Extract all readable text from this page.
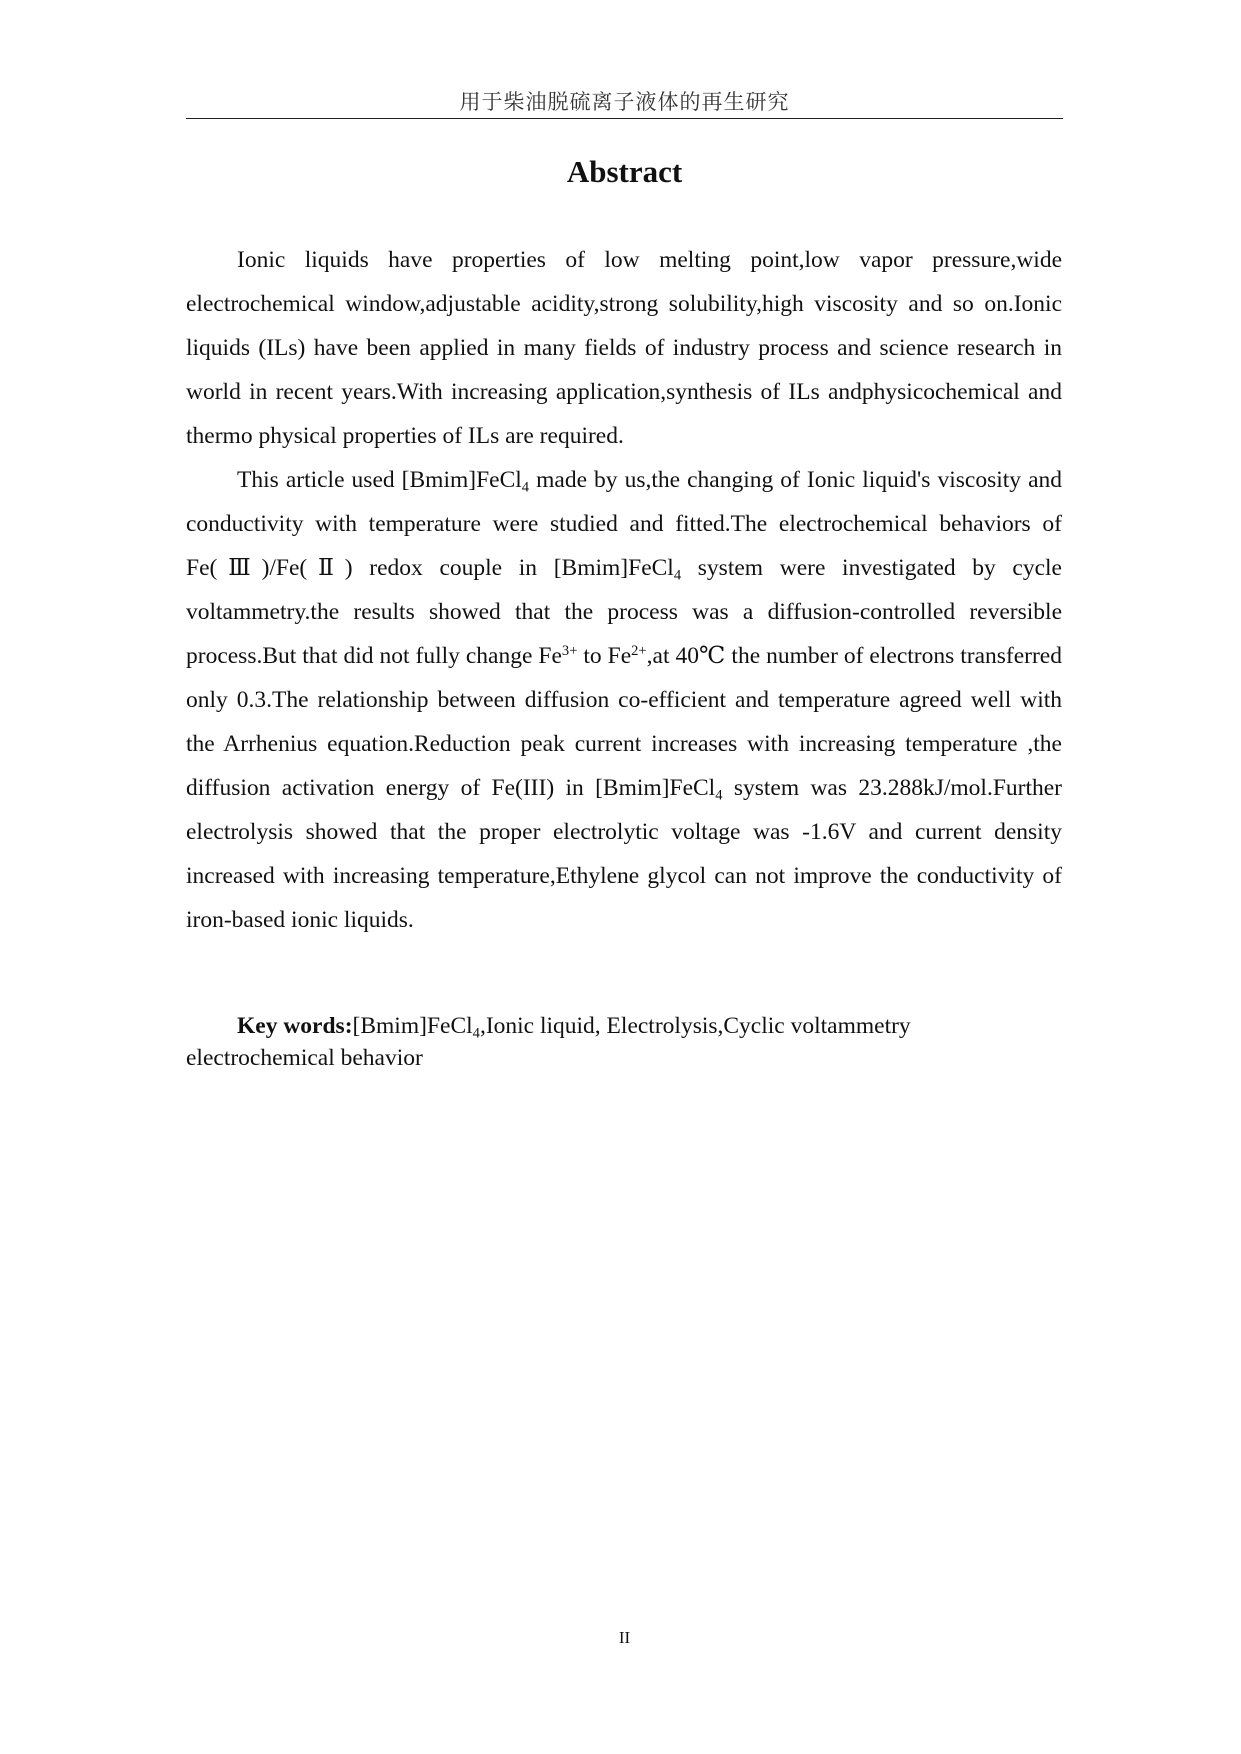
用于柴油脱硫离子液体的再生研究
Abstract

Ionic liquids have properties of low melting point,low vapor pressure,wide electrochemical window,adjustable acidity,strong solubility,high viscosity and so on.Ionic liquids (ILs) have been applied in many fields of industry process and science research in world in recent years.With increasing application,synthesis of ILs andphysicochemical and thermo physical properties of ILs are required.

This article used [Bmim]FeCl$_4$ made by us,the changing of Ionic liquid's viscosity and conductivity with temperature were studied and fitted.The electrochemical behaviors of Fe(Ⅲ)/Fe(Ⅱ) redox couple in [Bmim]FeCl$_4$ system were investigated by cycle voltammetry.the results showed that the process was a diffusion-controlled reversible process.But that did not fully change $Fe^{3+}$ to $Fe^{2+},at$ 40℃ the number of electrons transferred only 0.3.The relationship between diffusion co-efficient and temperature agreed well with the Arrhenius equation.Reduction peak current increases with increasing temperature ,the diffusion activation energy of Fe(III) in [Bmim]FeCl$_4$ system was 23.288kJ/mol.Further electrolysis showed that the proper electrolytic voltage was -1.6V and current density increased with increasing temperature,Ethylene glycol can not improve the conductivity of iron-based ionic liquids.

Key words:[Bmim]FeCl$_4$,Ionic liquid, Electrolysis,Cyclic voltammetry

electrochemical behavior

II
